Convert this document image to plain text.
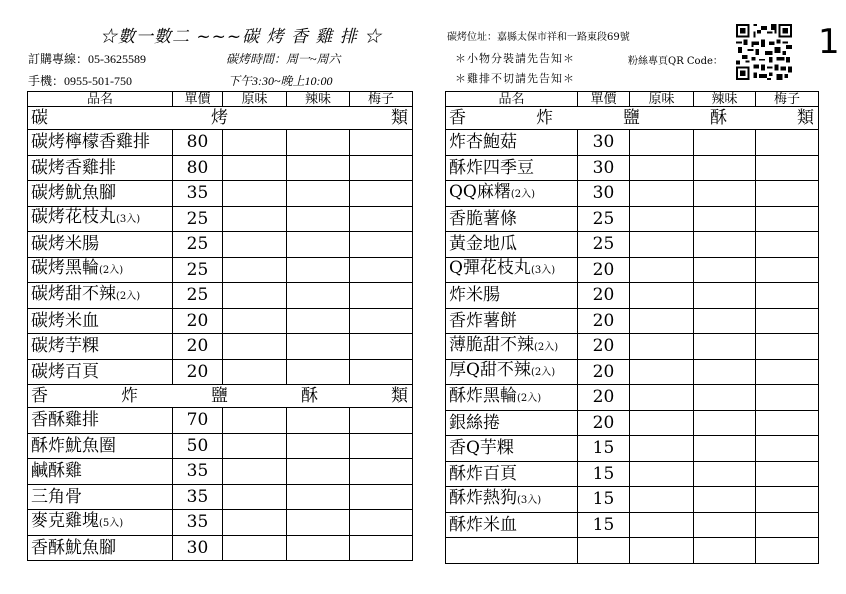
☆數一數二 ~~~碳 烤 香 雞 排 ☆
訂購專線：05-3625589	碳烤時間：周一~周六
手機：0955-501-750	下午3:30~晚上10:00
碳烤位址：嘉縣太保市祥和一路東段69號
＊小物分裝請先告知＊	粉絲專頁QR Code：
＊雞排不切請先告知＊
1
品名	單價	原味	辣味	梅子

碳 烤 類				

碳烤檸檬香雞排	80			
碳烤香雞排	80			
碳烤魷魚腳	35			
碳烤花枝丸(3入)	25			
碳烤米腸	25			
碳烤黑輪(2入)	25			
碳烤甜不辣(2入)	25			
碳烤米血	20			
碳烤芋粿	20			
碳烤百頁	20			

香 炸 鹽 酥 類				

香酥雞排	70			
酥炸魷魚圈	50			
鹹酥雞	35			
三角骨	35			
麥克雞塊(5入)	35			
香酥魷魚腳	30			
品名	單價	原味	辣味	梅子

香 炸 鹽 酥 類				

炸杏鮑菇	30			
酥炸四季豆	30			
QQ麻糬(2入)	30			
香脆薯條	25			
黃金地瓜	25			
Q彈花枝丸(3入)	20			
炸米腸	20			
香炸薯餅	20			
薄脆甜不辣(2入)	20			
厚Q甜不辣(2入)	20			
酥炸黑輪(2入)	20			
銀絲捲	20			
香Q芋粿	15			
酥炸百頁	15			
酥炸熱狗(3入)	15			
酥炸米血	15			
